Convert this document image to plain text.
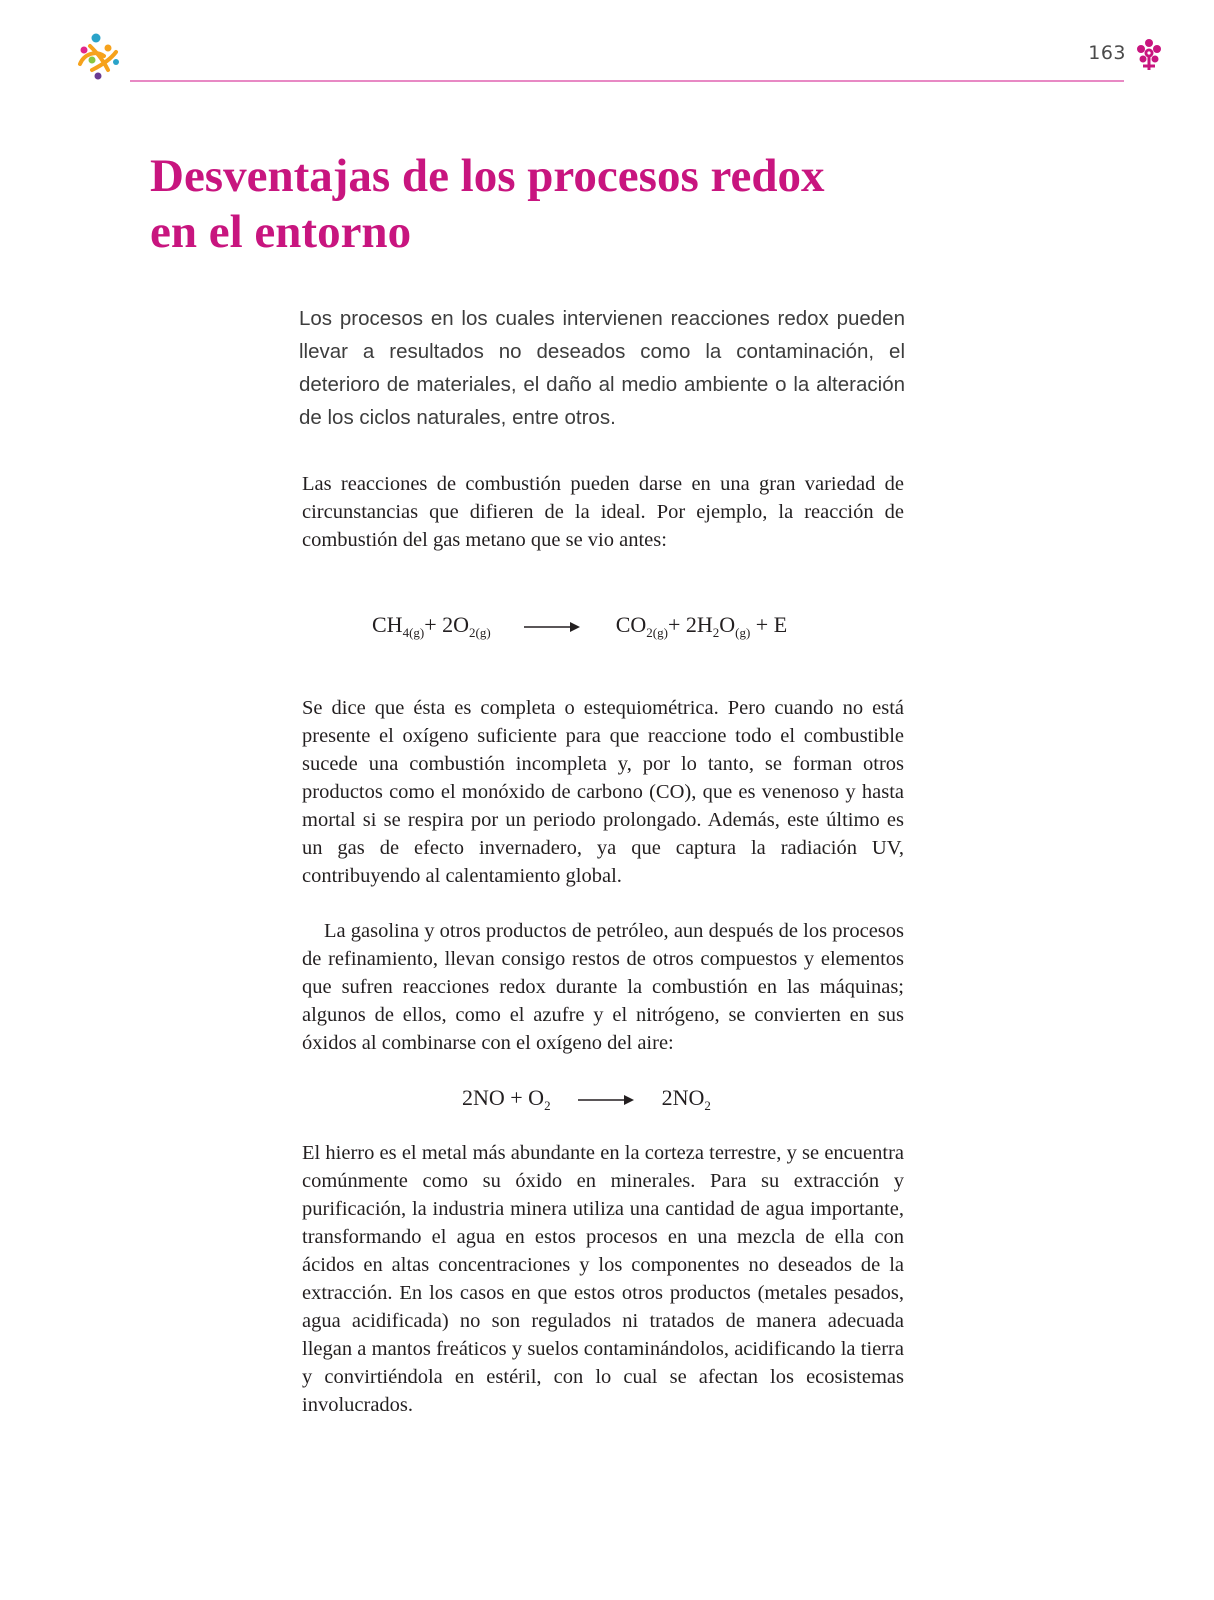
163
Desventajas de los procesos redox
en el entorno

Los procesos en los cuales intervienen reacciones redox pueden llevar a resultados no deseados como la contaminación, el deterioro de materiales, el daño al medio ambiente o la alteración de los ciclos naturales, entre otros.

Las reacciones de combustión pueden darse en una gran variedad de circunstancias que difieren de la ideal. Por ejemplo, la reacción de combustión del gas metano que se vio antes:

$CH_{4(g)}+ 2O_{2(g)}$	$CO_{2(g)}+ 2H_2O_{(g)} + E$

Se dice que ésta es completa o estequiométrica. Pero cuando no está presente el oxígeno suficiente para que reaccione todo el combustible sucede una combustión incompleta y, por lo tanto, se forman otros productos como el monóxido de carbono (CO), que es venenoso y hasta mortal si se respira por un periodo prolongado. Además, este último es un gas de efecto invernadero, ya que captura la radiación UV, contribuyendo al calentamiento global.

La gasolina y otros productos de petróleo, aun después de los procesos de refinamiento, llevan consigo restos de otros compuestos y elementos que sufren reacciones redox durante la combustión en las máquinas; algunos de ellos, como el azufre y el nitrógeno, se convierten en sus óxidos al combinarse con el oxígeno del aire:

$2NO + O_2 \to 2NO_2$

El hierro es el metal más abundante en la corteza terrestre, y se encuentra comúnmente como su óxido en minerales. Para su extracción y purificación, la industria minera utiliza una cantidad de agua importante, transformando el agua en estos procesos en una mezcla de ella con ácidos en altas concentraciones y los componentes no deseados de la extracción. En los casos en que estos otros productos (metales pesados, agua acidificada) no son regulados ni tratados de manera adecuada llegan a mantos freáticos y suelos contaminándolos, acidificando la tierra y convirtiéndola en estéril, con lo cual se afectan los ecosistemas involucrados.
